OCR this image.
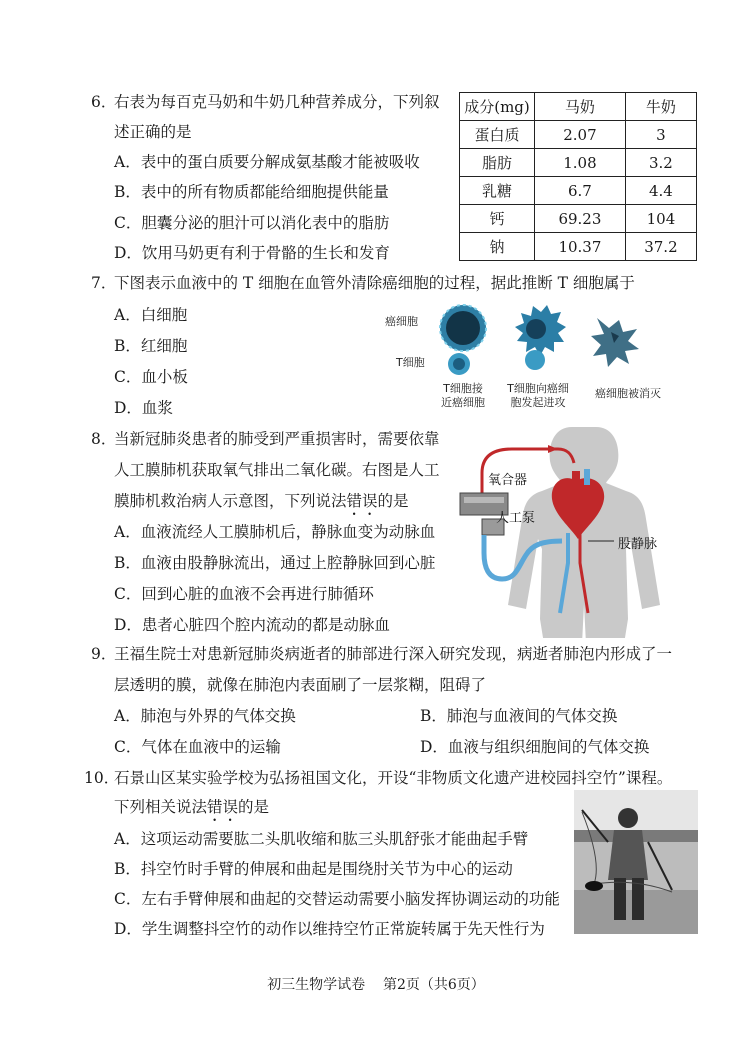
6．
右表为每百克马奶和牛奶几种营养成分，下列叙
述正确的是
A．表中的蛋白质要分解成氨基酸才能被吸收
B．表中的所有物质都能给细胞提供能量
C．胆囊分泌的胆汁可以消化表中的脂肪
D．饮用马奶更有利于骨骼的生长和发育
成分(mg)	马奶	牛奶
蛋白质	2.07	3
脂肪	1.08	3.2
乳糖	6.7	4.4
钙	69.23	104
钠	10.37	37.2
7．
下图表示血液中的 T 细胞在血管外清除癌细胞的过程，据此推断 T 细胞属于
A．白细胞
B．红细胞
C．血小板
D．血浆
癌细胞
T细胞
T细胞接
近癌细胞
T细胞向癌细
胞发起进攻
癌细胞被消灭
8．
当新冠肺炎患者的肺受到严重损害时，需要依靠
人工膜肺机获取氧气排出二氧化碳。右图是人工
膜肺机救治病人示意图，下列说法错误的是
A．血液流经人工膜肺机后，静脉血变为动脉血
B．血液由股静脉流出，通过上腔静脉回到心脏
C．回到心脏的血液不会再进行肺循环
D．患者心脏四个腔内流动的都是动脉血
氧合器
人工泵
股静脉
9．
王福生院士对患新冠肺炎病逝者的肺部进行深入研究发现，病逝者肺泡内形成了一
层透明的膜，就像在肺泡内表面刷了一层浆糊，阻碍了
A．肺泡与外界的气体交换	B．肺泡与血液间的气体交换
C．气体在血液中的运输	D．血液与组织细胞间的气体交换
10．
石景山区某实验学校为弘扬祖国文化，开设“非物质文化遗产进校园抖空竹”课程。
下列相关说法错误的是
A．这项运动需要肱二头肌收缩和肱三头肌舒张才能曲起手臂
B．抖空竹时手臂的伸展和曲起是围绕肘关节为中心的运动
C．左右手臂伸展和曲起的交替运动需要小脑发挥协调运动的功能
D．学生调整抖空竹的动作以维持空竹正常旋转属于先天性行为
初三生物学试卷    第2页（共6页）
